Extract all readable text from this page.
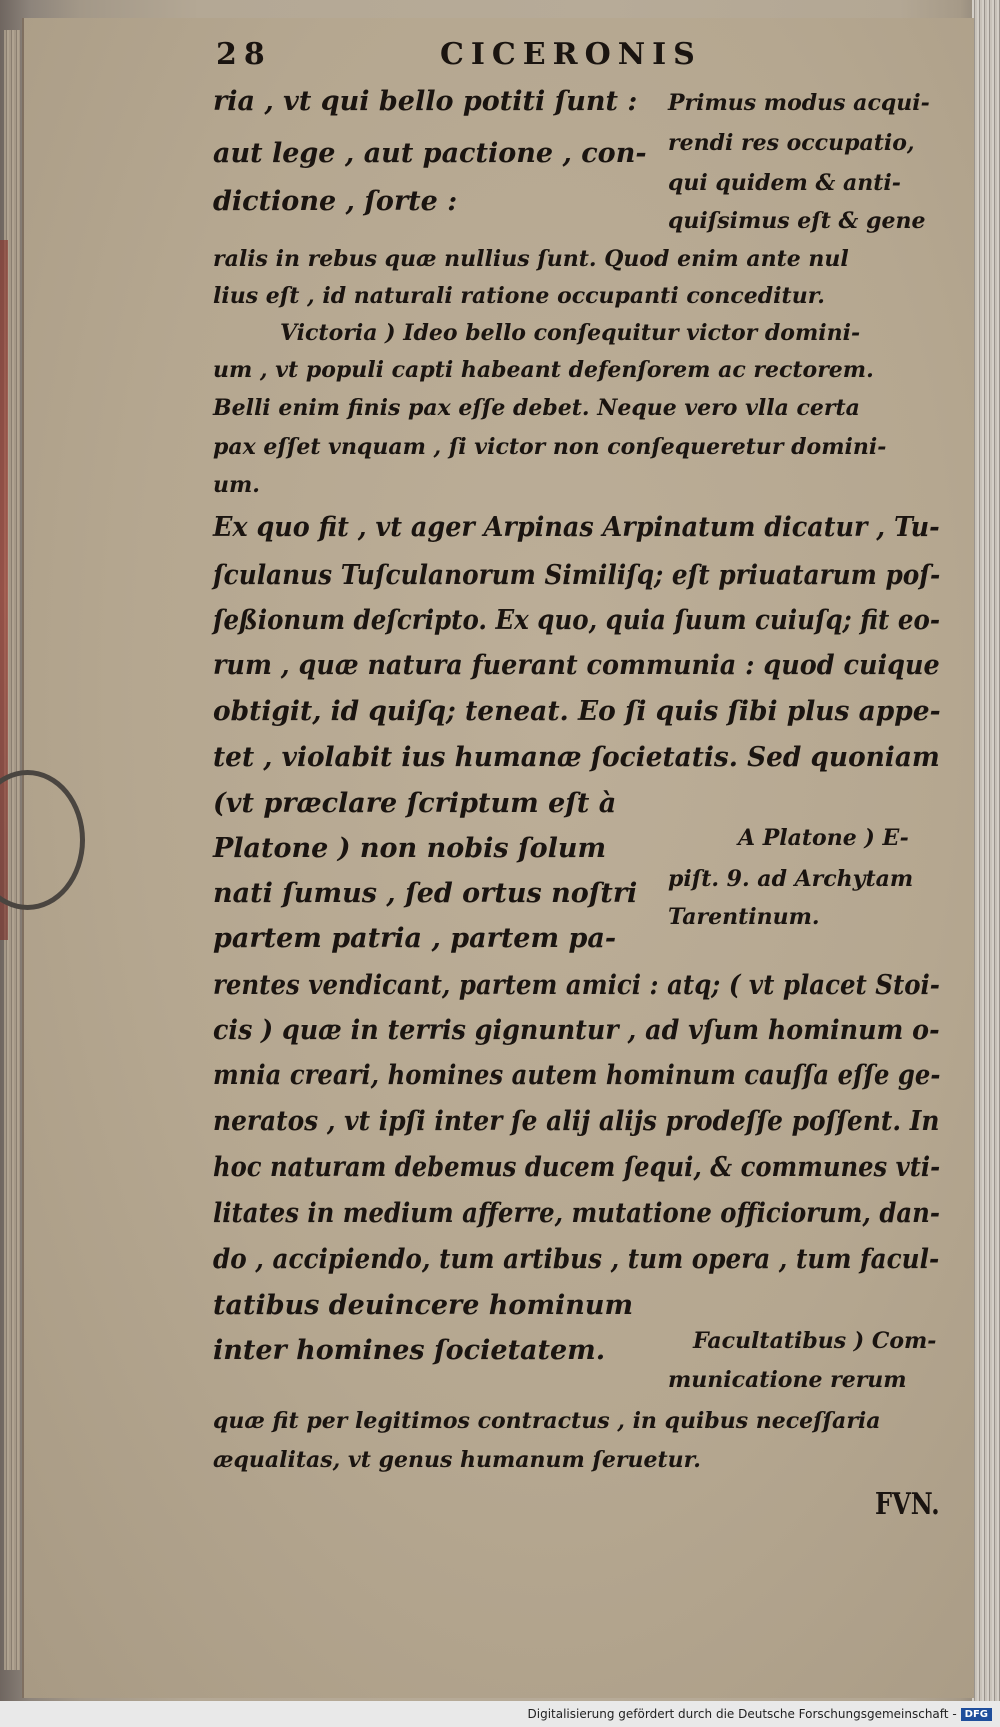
28	CICERONIS
ria , vt qui bello potiti ſunt : Primus modus acqui-
aut lege , aut pactione , con- rendi res occupatio,
qui quidem & anti-
dictione , ſorte :
quiſsimus eſt & gene
ralis in rebus quæ nullius ſunt. Quod enim ante nul
lius eſt , id naturali ratione occupanti conceditur.
Victoria ) Ideo bello conſequitur victor domini-
um , vt populi capti habeant defenſorem ac rectorem.
Belli enim finis pax eſſe debet. Neque vero vlla certa
pax eſſet vnquam , ſi victor non conſequeretur domini-
um.
Ex quo fit , vt ager Arpinas Arpinatum dicatur , Tu-
ſculanus Tuſculanorum Similiſq; eſt priuatarum poſ-
ſeßionum deſcripto. Ex quo, quia ſuum cuiuſq; fit eo-
rum , quæ natura fuerant communia : quod cuique
obtigit, id quiſq; teneat. Eo ſi quis ſibi plus appe-
tet , violabit ius humanæ ſocietatis. Sed quoniam
(vt præclare ſcriptum eſt à
Platone ) non nobis ſolum	A Platone ) E-
nati ſumus , ſed ortus noſtri piſt. 9. ad Archytam
Tarentinum.
partem patria , partem pa-
rentes vendicant, partem amici : atq; ( vt placet Stoi-
cis ) quæ in terris gignuntur , ad vſum hominum o-
mnia creari, homines autem hominum cauſſa eſſe ge-
neratos , vt ipſi inter ſe alij alijs prodeſſe poſſent. In
hoc naturam debemus ducem ſequi, & communes vti-
litates in medium afferre, mutatione officiorum, dan-
do , accipiendo, tum artibus , tum opera , tum facul-
tatibus deuincere hominum
inter homines ſocietatem.	Facultatibus ) Com-
municatione rerum
quæ fit per legitimos contractus , in quibus neceſſaria
æqualitas, vt genus humanum ſeruetur.
FVN.
Digitalisierung gefördert durch die Deutsche Forschungsgemeinschaft - DFG
